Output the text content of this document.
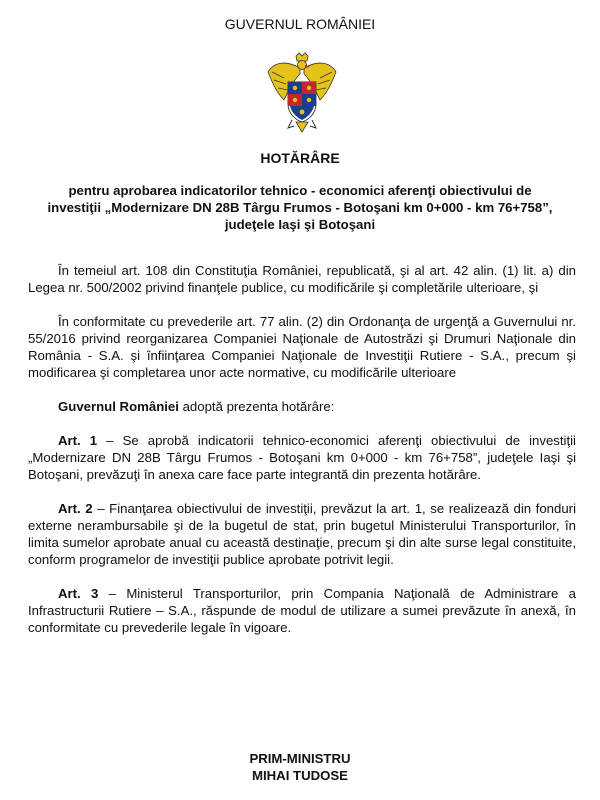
GUVERNUL ROMÂNIEI
HOTĂRÂRE
pentru aprobarea indicatorilor tehnico - economici aferenţi obiectivului de investiţii „Modernizare DN 28B Târgu Frumos - Botoşani km 0+000 - km 76+758”, judeţele Iaşi şi Botoşani

În temeiul art. 108 din Constituţia României, republicată, şi al art. 42 alin. (1) lit. a) din Legea nr. 500/2002 privind finanţele publice, cu modificările şi completările ulterioare, şi

În conformitate cu prevederile art. 77 alin. (2) din Ordonanţa de urgenţă a Guvernului nr. 55/2016 privind reorganizarea Companiei Naţionale de Autostrăzi şi Drumuri Naţionale din România - S.A. şi înfiinţarea Companiei Naţionale de Investiţii Rutiere - S.A., precum şi modificarea şi completarea unor acte normative, cu modificările ulterioare

Guvernul României adoptă prezenta hotărâre:

Art. 1 – Se aprobă indicatorii tehnico-economici aferenţi obiectivului de investiţii „Modernizare DN 28B Târgu Frumos - Botoşani km 0+000 - km 76+758”, judeţele Iaşi şi Botoşani, prevăzuţi în anexa care face parte integrantă din prezenta hotărâre.

Art. 2 – Finanţarea obiectivului de investiţii, prevăzut la art. 1, se realizează din fonduri externe nerambursabile şi de la bugetul de stat, prin bugetul Ministerului Transporturilor, în limita sumelor aprobate anual cu această destinaţie, precum şi din alte surse legal constituite, conform programelor de investiţii publice aprobate potrivit legii.

Art. 3 – Ministerul Transporturilor, prin Compania Naţională de Administrare a Infrastructurii Rutiere – S.A., răspunde de modul de utilizare a sumei prevăzute în anexă, în conformitate cu prevederile legale în vigoare.

PRIM-MINISTRU
MIHAI TUDOSE
